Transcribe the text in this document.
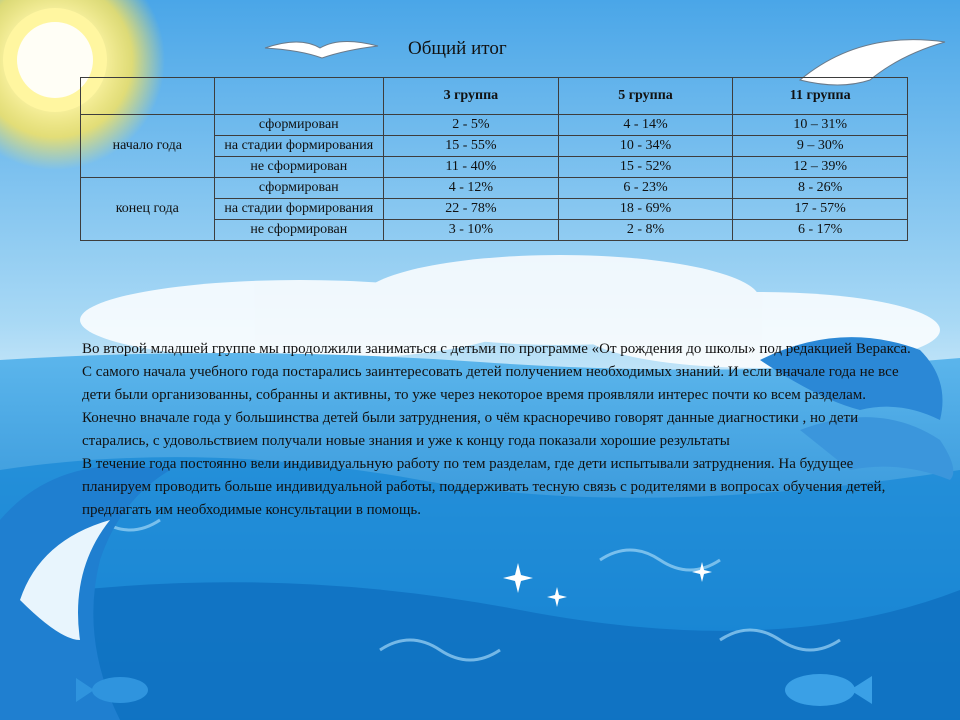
Общий итог
		3 группа	5 группа	11 группа
начало года	сформирован	2 - 5%	4 - 14%	10 – 31%
	на стадии формирования	15 - 55%	10 - 34%	9 – 30%
	не сформирован	11 - 40%	15 - 52%	12 – 39%
конец года	сформирован	4 - 12%	6 - 23%	8 - 26%
	на стадии формирования	22 - 78%	18 - 69%	17 - 57%
	не сформирован	3 - 10%	2 - 8%	6 - 17%

Во второй младшей группе мы продолжили заниматься с детьми по программе «От рождения до школы» под редакцией Веракса. С самого начала учебного года постарались заинтересовать детей получением необходимых знаний. И если вначале года не все дети были организованны, собранны и активны, то уже через некоторое время проявляли интерес почти ко всем разделам. Конечно вначале года у большинства детей были затруднения, о чём красноречиво говорят данные диагностики , но дети старались, с удовольствием получали новые знания и уже к концу года показали хорошие результаты

В течение года постоянно вели индивидуальную работу по тем разделам, где дети испытывали затруднения. На будущее планируем проводить больше индивидуальной работы, поддерживать тесную связь с родителями в вопросах обучения детей, предлагать им необходимые консультации в помощь.
